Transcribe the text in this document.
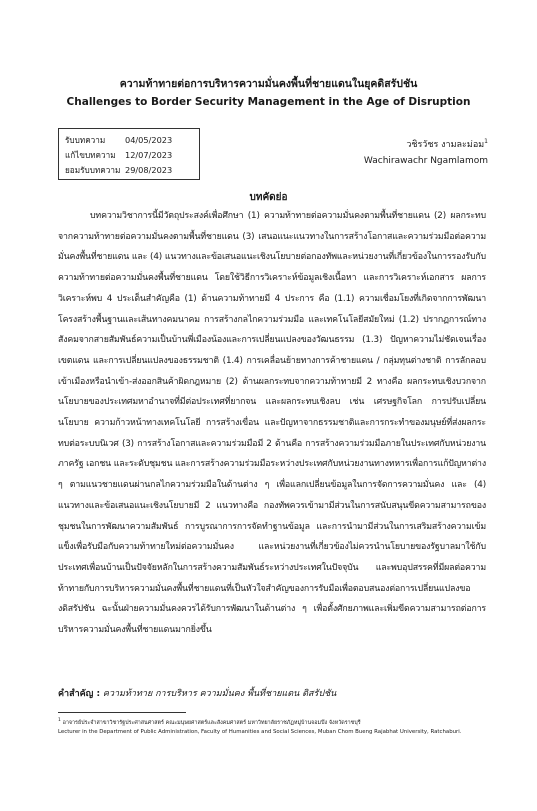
ความท้าทายต่อการบริหารความมั่นคงพื้นที่ชายแดนในยุคดิสรัปชัน
Challenges to Border Security Management in the Age of Disruption
รับบทความ	04/05/2023
แก้ไขบทความ	12/07/2023
ยอมรับบทความ 29/08/2023
วชิรวัชร งามละม่อม$^1$
Wachirawachr Ngamlamom
บทคัดย่อ

บทความวิชาการนี้มีวัตถุประสงค์เพื่อศึกษา (1) ความท้าทายต่อความมั่นคงตามพื้นที่ชายแดน (2) ผลกระทบจากความท้าทายต่อความมั่นคงตามพื้นที่ชายแดน (3) เสนอแนะแนวทางในการสร้างโอกาสและความร่วมมือต่อความมั่นคงพื้นที่ชายแดน และ (4) แนวทางและข้อเสนอแนะเชิงนโยบายต่อกองทัพและหน่วยงานที่เกี่ยวข้องในการรองรับกับความท้าทายต่อความมั่นคงพื้นที่ชายแดน โดยใช้วิธีการวิเคราะห์ข้อมูลเชิงเนื้อหา และการวิเคราะห์เอกสาร ผลการวิเคราะห์พบ 4 ประเด็นสำคัญคือ (1) ด้านความท้าทายมี 4 ประการ คือ (1.1) ความเชื่อมโยงที่เกิดจากการพัฒนาโครงสร้างพื้นฐานและเส้นทางคมนาคม การสร้างกลไกความร่วมมือ และเทคโนโลยีสมัยใหม่ (1.2) ปรากฏการณ์ทางสังคมจากสายสัมพันธ์ความเป็นบ้านพี่เมืองน้องและการเปลี่ยนแปลงของวัฒนธรรม (1.3) ปัญหาความไม่ชัดเจนเรื่องเขตแดน และการเปลี่ยนแปลงของธรรมชาติ (1.4) การเคลื่อนย้ายทางการค้าชายแดน / กลุ่มทุนต่างชาติ การลักลอบเข้าเมืองหรือนำเข้า-ส่งออกสินค้าผิดกฎหมาย (2) ด้านผลกระทบจากความท้าทายมี 2 ทางคือ ผลกระทบเชิงบวกจากนโยบายของประเทศมหาอำนาจที่มีต่อประเทศที่ยากจน และผลกระทบเชิงลบ เช่น เศรษฐกิจโลก การปรับเปลี่ยนนโยบาย ความก้าวหน้าทางเทคโนโลยี การสร้างเขื่อน และปัญหาจากธรรมชาติและการกระทำของมนุษย์ที่ส่งผลกระทบต่อระบบนิเวศ (3) การสร้างโอกาสและความร่วมมือมี 2 ด้านคือ การสร้างความร่วมมือภายในประเทศกับหน่วยงานภาครัฐ เอกชน และระดับชุมชน และการสร้างความร่วมมือระหว่างประเทศกับหน่วยงานทางทหารเพื่อการแก้ปัญหาต่าง ๆ ตามแนวชายแดนผ่านกลไกความร่วมมือในด้านต่าง ๆ เพื่อแลกเปลี่ยนข้อมูลในการจัดการความมั่นคง และ (4) แนวทางและข้อเสนอแนะเชิงนโยบายมี 2 แนวทางคือ กองทัพควรเข้ามามีส่วนในการสนับสนุนขีดความสามารถของชุมชนในการพัฒนาความสัมพันธ์ การบูรณาการการจัดทำฐานข้อมูล และการนำมามีส่วนในการเสริมสร้างความเข้มแข็งเพื่อรับมือกับความท้าทายใหม่ต่อความมั่นคง และหน่วยงานที่เกี่ยวข้องไม่ควรนำนโยบายของรัฐบาลมาใช้กับประเทศเพื่อนบ้านเป็นปัจจัยหลักในการสร้างความสัมพันธ์ระหว่างประเทศในปัจจุบัน และพบอุปสรรคที่มีผลต่อความท้าทายกับการบริหารความมั่นคงพื้นที่ชายแดนที่เป็นหัวใจสำคัญของการรับมือเพื่อตอบสนองต่อการเปลี่ยนแปลงของดิสรัปชัน ฉะนั้นฝ่ายความมั่นคงควรได้รับการพัฒนาในด้านต่าง ๆ เพื่อตั้งศักยภาพและเพิ่มขีดความสามารถต่อการบริหารความมั่นคงพื้นที่ชายแดนมากยิ่งขึ้น

คำสำคัญ : ความท้าทาย การบริหาร ความมั่นคง พื้นที่ชายแดน ดิสรัปชัน
$^1$ อาจารย์ประจำสาขาวิชารัฐประศาสนศาสตร์ คณะมนุษยศาสตร์และสังคมศาสตร์ มหาวิทยาลัยราชภัฏหมู่บ้านจอมบึง จังหวัดราชบุรี
Lecturer in the Department of Public Administration, Faculty of Humanities and Social Sciences, Muban Chom Bueng Rajabhat University, Ratchaburi.
